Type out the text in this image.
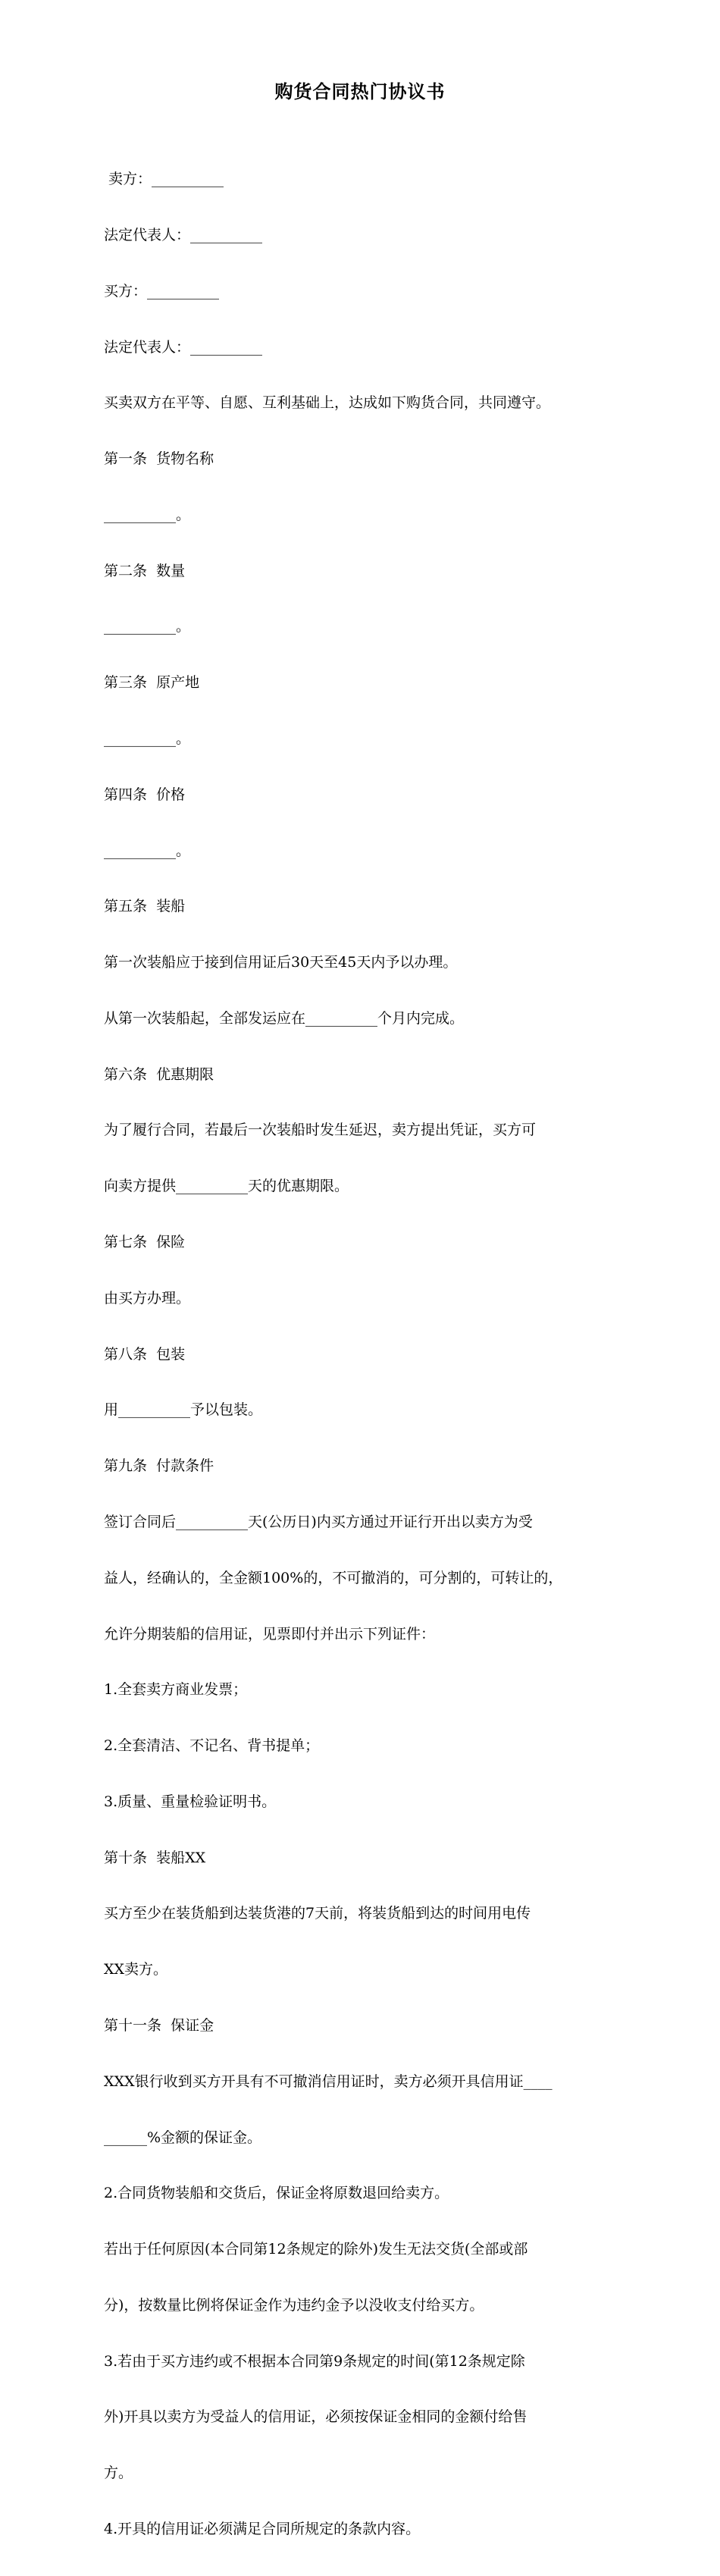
购货合同热门协议书

卖方：__________

法定代表人：__________

买方：__________

法定代表人：__________

买卖双方在平等、自愿、互利基础上，达成如下购货合同，共同遵守。

第一条  货物名称

__________。

第二条  数量

__________。

第三条  原产地

__________。

第四条  价格

__________。

第五条  装船

第一次装船应于接到信用证后30天至45天内予以办理。

从第一次装船起，全部发运应在__________个月内完成。

第六条  优惠期限

为了履行合同，若最后一次装船时发生延迟，卖方提出凭证，买方可

向卖方提供__________天的优惠期限。

第七条  保险

由买方办理。

第八条  包装

用__________予以包装。

第九条  付款条件

签订合同后__________天(公历日)内买方通过开证行开出以卖方为受

益人，经确认的，全金额100%的，不可撤消的，可分割的，可转让的，

允许分期装船的信用证，见票即付并出示下列证件：

1.全套卖方商业发票；

2.全套清洁、不记名、背书提单；

3.质量、重量检验证明书。

第十条  装船XX

买方至少在装货船到达装货港的7天前，将装货船到达的时间用电传

XX卖方。

第十一条  保证金

XXX银行收到买方开具有不可撤消信用证时，卖方必须开具信用证____

______%金额的保证金。

2.合同货物装船和交货后，保证金将原数退回给卖方。

若出于任何原因(本合同第12条规定的除外)发生无法交货(全部或部

分)，按数量比例将保证金作为违约金予以没收支付给买方。

3.若由于买方违约或不根据本合同第9条规定的时间(第12条规定除

外)开具以卖方为受益人的信用证，必须按保证金相同的金额付给售

方。

4.开具的信用证必须满足合同所规定的条款内容。
